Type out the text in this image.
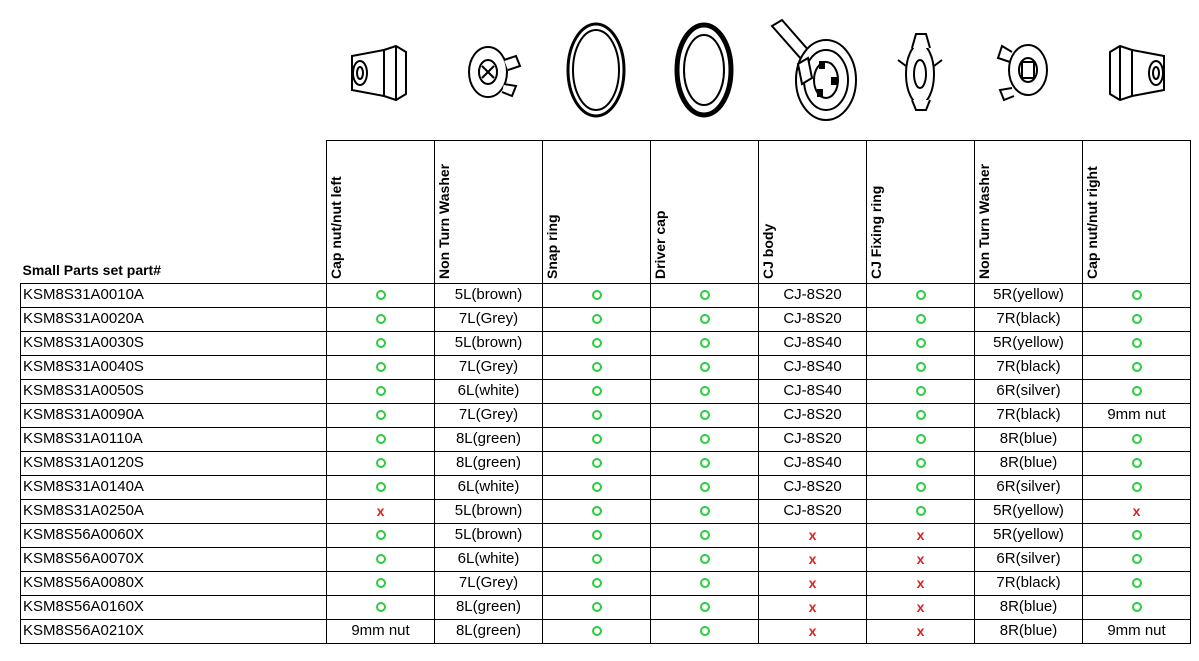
Small Parts set part#	Cap nut/nut left	Non Turn Washer	Snap ring	Driver cap	CJ body	CJ Fixing ring	Non Turn Washer	Cap nut/nut right

KSM8S31A0010A		5L(brown)			CJ-8S20		5R(yellow)	
KSM8S31A0020A		7L(Grey)			CJ-8S20		7R(black)	
KSM8S31A0030S		5L(brown)			CJ-8S40		5R(yellow)	
KSM8S31A0040S		7L(Grey)			CJ-8S40		7R(black)	
KSM8S31A0050S		6L(white)			CJ-8S40		6R(silver)	
KSM8S31A0090A		7L(Grey)			CJ-8S20		7R(black)	9mm nut
KSM8S31A0110A		8L(green)			CJ-8S20		8R(blue)	
KSM8S31A0120S		8L(green)			CJ-8S40		8R(blue)	
KSM8S31A0140A		6L(white)			CJ-8S20		6R(silver)	
KSM8S31A0250A	x	5L(brown)			CJ-8S20		5R(yellow)	x
KSM8S56A0060X		5L(brown)			x	x	5R(yellow)	
KSM8S56A0070X		6L(white)			x	x	6R(silver)	
KSM8S56A0080X		7L(Grey)			x	x	7R(black)	
KSM8S56A0160X		8L(green)			x	x	8R(blue)	
KSM8S56A0210X	9mm nut	8L(green)			x	x	8R(blue)	9mm nut
